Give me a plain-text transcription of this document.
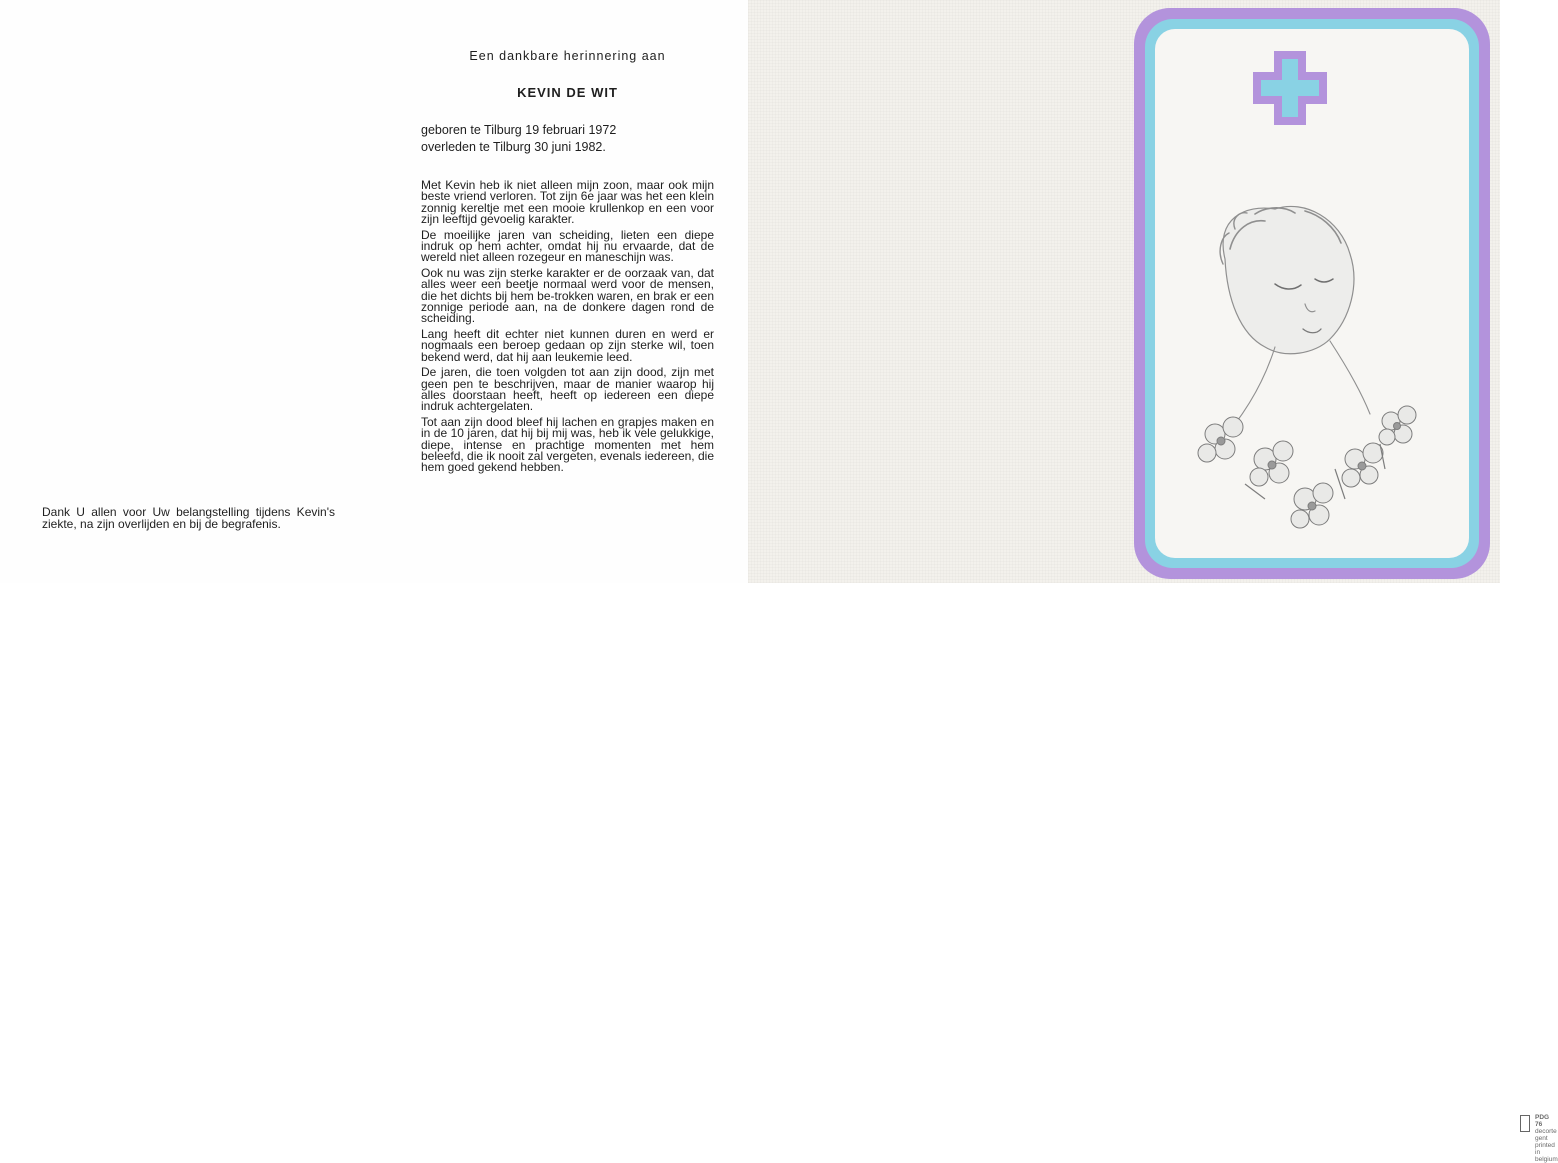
Een dankbare herinnering aan
KEVIN DE WIT
geboren te Tilburg 19 februari 1972
overleden te Tilburg 30 juni 1982.

Met Kevin heb ik niet alleen mijn zoon, maar ook mijn beste vriend verloren. Tot zijn 6e jaar was het een klein zonnig kereltje met een mooie krullenkop en een voor zijn leeftijd gevoelig karakter.

De moeilijke jaren van scheiding, lieten een diepe indruk op hem achter, omdat hij nu ervaarde, dat de wereld niet alleen rozegeur en maneschijn was.

Ook nu was zijn sterke karakter er de oorzaak van, dat alles weer een beetje normaal werd voor de mensen, die het dichts bij hem be-trokken waren, en brak er een zonnige periode aan, na de donkere dagen rond de scheiding.

Lang heeft dit echter niet kunnen duren en werd er nogmaals een beroep gedaan op zijn sterke wil, toen bekend werd, dat hij aan leukemie leed.

De jaren, die toen volgden tot aan zijn dood, zijn met geen pen te beschrijven, maar de manier waarop hij alles doorstaan heeft, heeft op iedereen een diepe indruk achtergelaten.

Tot aan zijn dood bleef hij lachen en grapjes maken en in de 10 jaren, dat hij bij mij was, heb ik vele gelukkige, diepe, intense en prachtige momenten met hem beleefd, die ik nooit zal vergeten, evenals iedereen, die hem goed gekend hebben.

Dank U allen voor Uw belangstelling tijdens Kevin's ziekte, na zijn overlijden en bij de begrafenis.
PDG 76
decorte gent
printed in belgium
